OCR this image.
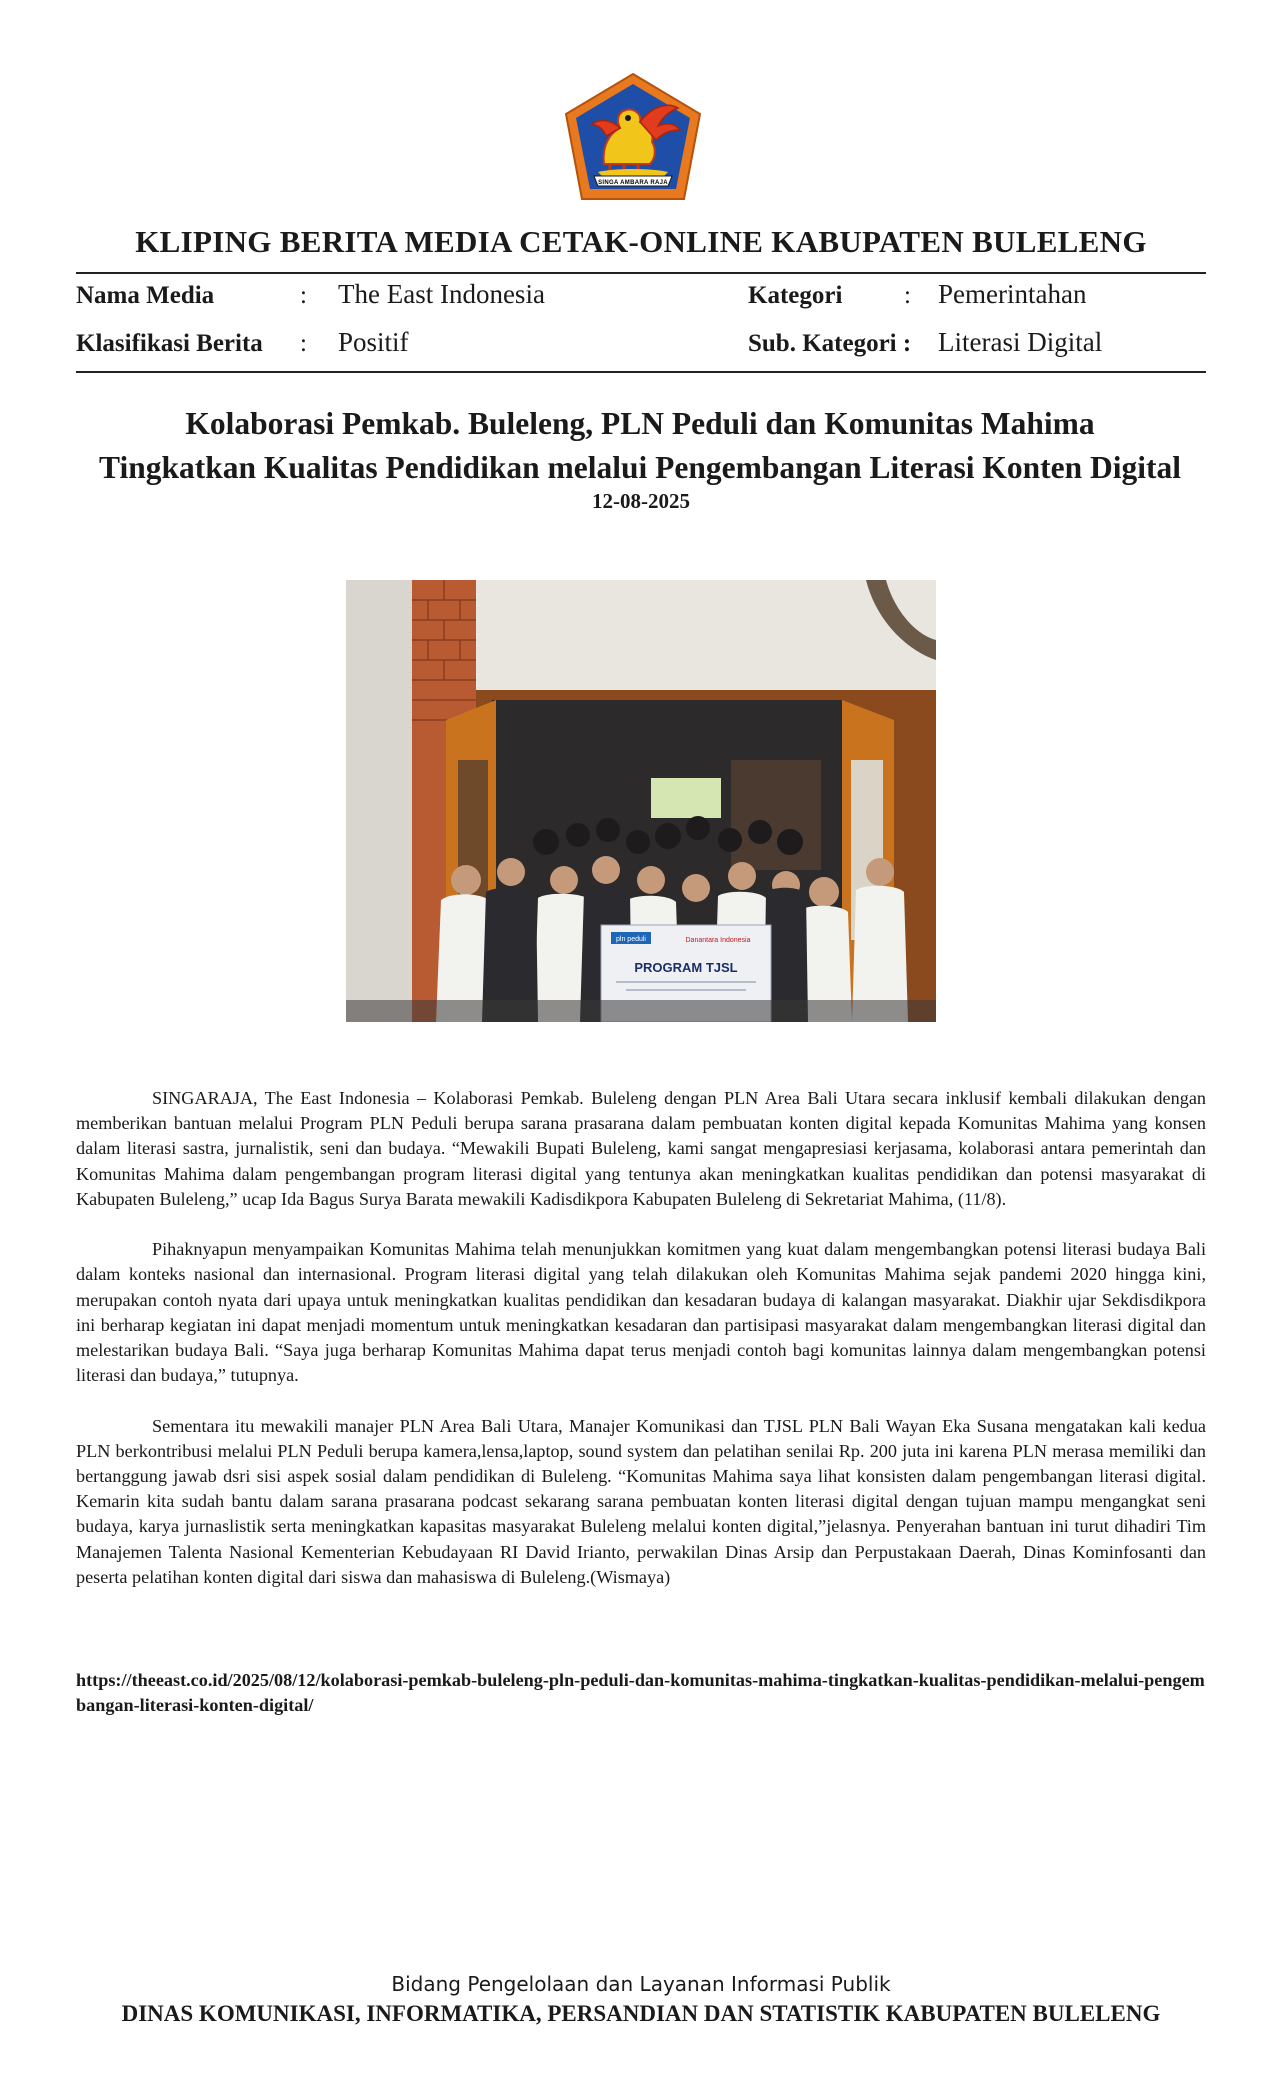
SINGA AMBARA RAJA
KLIPING BERITA MEDIA CETAK-ONLINE KABUPATEN BULELENG
Nama Media	: The East Indonesia	Kategori : Pemerintahan
Klasifikasi Berita : Positif	Sub. Kategori : Literasi Digital
Kolaborasi Pemkab. Buleleng, PLN Peduli dan Komunitas Mahima
Tingkatkan Kualitas Pendidikan melalui Pengembangan Literasi Konten Digital
12-08-2025
pln peduli	Danantara Indonesia
PROGRAM TJSL

SINGARAJA, The East Indonesia – Kolaborasi Pemkab. Buleleng dengan PLN Area Bali Utara secara inklusif kembali dilakukan dengan memberikan bantuan melalui Program PLN Peduli berupa sarana prasarana dalam pembuatan konten digital kepada Komunitas Mahima yang konsen dalam literasi sastra, jurnalistik, seni dan budaya. “Mewakili Bupati Buleleng, kami sangat mengapresiasi kerjasama, kolaborasi antara pemerintah dan Komunitas Mahima dalam pengembangan program literasi digital yang tentunya akan meningkatkan kualitas pendidikan dan potensi masyarakat di Kabupaten Buleleng,” ucap Ida Bagus Surya Barata mewakili Kadisdikpora Kabupaten Buleleng di Sekretariat Mahima, (11/8).

Pihaknyapun menyampaikan Komunitas Mahima telah menunjukkan komitmen yang kuat dalam mengembangkan potensi literasi budaya Bali dalam konteks nasional dan internasional. Program literasi digital yang telah dilakukan oleh Komunitas Mahima sejak pandemi 2020 hingga kini, merupakan contoh nyata dari upaya untuk meningkatkan kualitas pendidikan dan kesadaran budaya di kalangan masyarakat. Diakhir ujar Sekdisdikpora ini berharap kegiatan ini dapat menjadi momentum untuk meningkatkan kesadaran dan partisipasi masyarakat dalam mengembangkan literasi digital dan melestarikan budaya Bali. “Saya juga berharap Komunitas Mahima dapat terus menjadi contoh bagi komunitas lainnya dalam mengembangkan potensi literasi dan budaya,” tutupnya.

Sementara itu mewakili manajer PLN Area Bali Utara, Manajer Komunikasi dan TJSL PLN Bali Wayan Eka Susana mengatakan kali kedua PLN berkontribusi melalui PLN Peduli berupa kamera,lensa,laptop, sound system dan pelatihan senilai Rp. 200 juta ini karena PLN merasa memiliki dan bertanggung jawab dsri sisi aspek sosial dalam pendidikan di Buleleng. “Komunitas Mahima saya lihat konsisten dalam pengembangan literasi digital. Kemarin kita sudah bantu dalam sarana prasarana podcast sekarang sarana pembuatan konten literasi digital dengan tujuan mampu mengangkat seni budaya, karya jurnaslistik serta meningkatkan kapasitas masyarakat Buleleng melalui konten digital,”jelasnya. Penyerahan bantuan ini turut dihadiri Tim Manajemen Talenta Nasional Kementerian Kebudayaan RI David Irianto, perwakilan Dinas Arsip dan Perpustakaan Daerah, Dinas Kominfosanti dan peserta pelatihan konten digital dari siswa dan mahasiswa di Buleleng.(Wismaya)

https://theeast.co.id/2025/08/12/kolaborasi-pemkab-buleleng-pln-peduli-dan-komunitas-mahima-tingkatkan-kualitas-pendidikan-melalui-pengembangan-literasi-konten-digital/
Bidang Pengelolaan dan Layanan Informasi Publik
DINAS KOMUNIKASI, INFORMATIKA, PERSANDIAN DAN STATISTIK KABUPATEN BULELENG
